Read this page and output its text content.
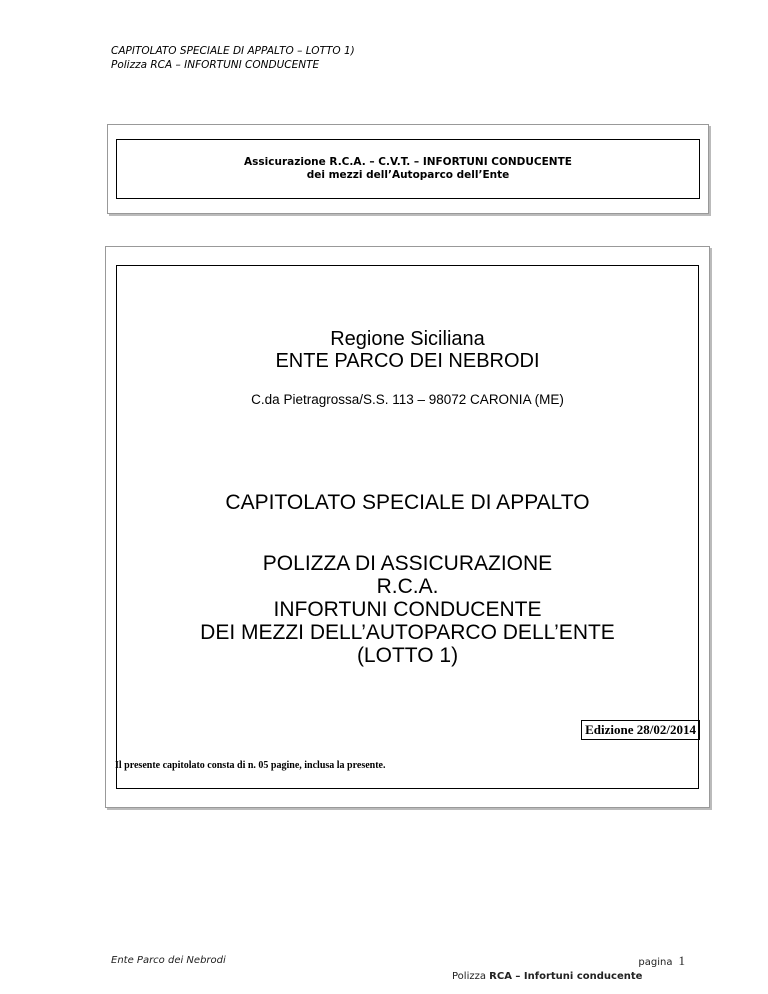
CAPITOLATO SPECIALE DI APPALTO – LOTTO 1)
Polizza RCA – INFORTUNI CONDUCENTE
Assicurazione R.C.A. – C.V.T. – INFORTUNI CONDUCENTE
dei mezzi dell’Autoparco dell’Ente
Regione Siciliana
ENTE PARCO DEI NEBRODI
C.da Pietragrossa/S.S. 113 – 98072 CARONIA (ME)
CAPITOLATO SPECIALE DI APPALTO
POLIZZA DI ASSICURAZIONE
R.C.A.
INFORTUNI CONDUCENTE
DEI MEZZI DELL’AUTOPARCO DELL’ENTE
(LOTTO 1)
Edizione 28/02/2014
Il presente capitolato consta di n. 05 pagine, inclusa la presente.
Ente Parco dei Nebrodi
Polizza RCA – Infortuni conducente
pagina 1
